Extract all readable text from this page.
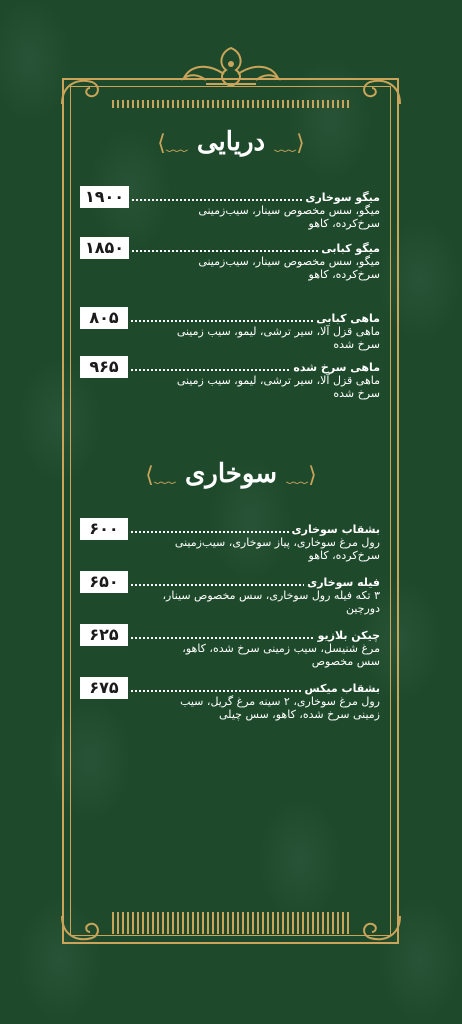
⟨﹏ دریایی ﹏⟩
میگو سوخاری
۱۹۰۰
میگو، سس مخصوص سینار، سیب‌زمینی سرخ‌کرده، کاهو
میگو کبابی
۱۸۵۰
میگو، سس مخصوص سینار، سیب‌زمینی سرخ‌کرده، کاهو
ماهی کبابی
۸۰۵
ماهی قزل آلا، سیر ترشی، لیمو، سیب زمینی سرخ شده
ماهی سرخ شده
۹۶۵
ماهی قزل آلا، سیر ترشی، لیمو، سیب زمینی سرخ شده
⟨﹏ سوخاری ﹏⟩
بشقاب سوخاری
۶۰۰
رول مرغ سوخاری، پیاز سوخاری، سیب‌زمینی سرخ‌کرده، کاهو
فیله سوخاری
۶۵۰
۳ تکه فیله رول سوخاری، سس مخصوص سینار، دورچین
چیکن بلازیو
۶۲۵
مرغ شنیسل، سیب زمینی سرخ شده، کاهو، سس مخصوص
بشقاب میکس
۶۷۵
رول مرغ سوخاری، ۲ سینه مرغ گریل، سیب زمینی سرخ شده، کاهو، سس چیلی
